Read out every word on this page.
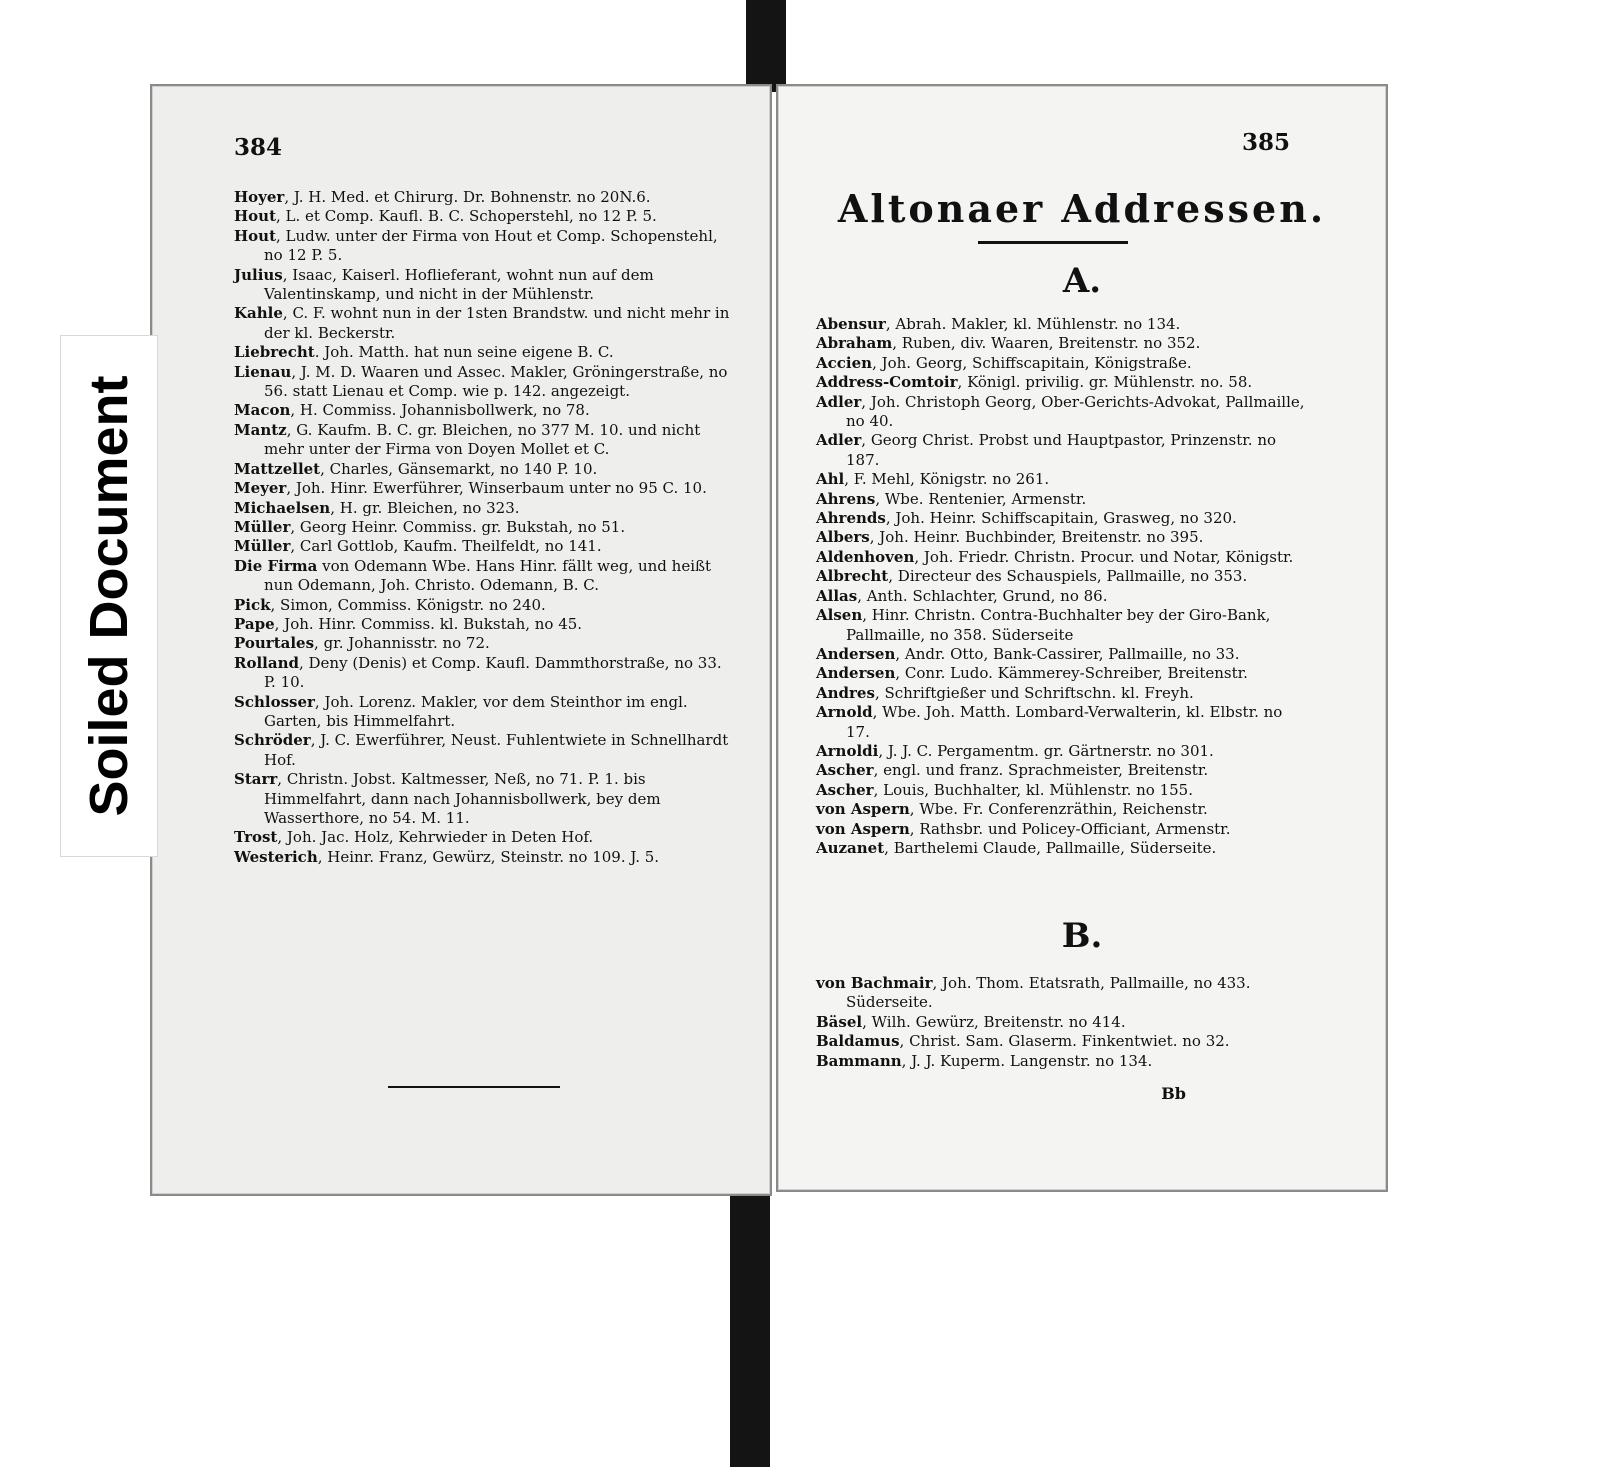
384

Hoyer, J. H. Med. et Chirurg. Dr. Bohnenstr. no 20N.6.

Hout, L. et Comp. Kaufl. B. C. Schoperstehl, no 12 P. 5.

Hout, Ludw. unter der Firma von Hout et Comp. Schopenstehl, no 12 P. 5.

Julius, Isaac, Kaiserl. Hoflieferant, wohnt nun auf dem Valentinskamp, und nicht in der Mühlenstr.

Kahle, C. F. wohnt nun in der 1sten Brandstw. und nicht mehr in der kl. Beckerstr.

Liebrecht. Joh. Matth. hat nun seine eigene B. C.

Lienau, J. M. D. Waaren und Assec. Makler, Gröningerstraße, no 56. statt Lienau et Comp. wie p. 142. angezeigt.

Macon, H. Commiss. Johannisbollwerk, no 78.

Mantz, G. Kaufm. B. C. gr. Bleichen, no 377 M. 10. und nicht mehr unter der Firma von Doyen Mollet et C.

Mattzellet, Charles, Gänsemarkt, no 140 P. 10.

Meyer, Joh. Hinr. Ewerführer, Winserbaum unter no 95 C. 10.

Michaelsen, H. gr. Bleichen, no 323.

Müller, Georg Heinr. Commiss. gr. Bukstah, no 51.

Müller, Carl Gottlob, Kaufm. Theilfeldt, no 141.

Die Firma von Odemann Wbe. Hans Hinr. fällt weg, und heißt nun Odemann, Joh. Christo. Odemann, B. C.

Pick, Simon, Commiss. Königstr. no 240.

Pape, Joh. Hinr. Commiss. kl. Bukstah, no 45.

Pourtales, gr. Johannisstr. no 72.

Rolland, Deny (Denis) et Comp. Kaufl. Dammthorstraße, no 33. P. 10.

Schlosser, Joh. Lorenz. Makler, vor dem Steinthor im engl. Garten, bis Himmelfahrt.

Schröder, J. C. Ewerführer, Neust. Fuhlentwiete in Schnellhardt Hof.

Starr, Christn. Jobst. Kaltmesser, Neß, no 71. P. 1. bis Himmelfahrt, dann nach Johannisbollwerk, bey dem Wasserthore, no 54. M. 11.

Trost, Joh. Jac. Holz, Kehrwieder in Deten Hof.

Westerich, Heinr. Franz, Gewürz, Steinstr. no 109. J. 5.

385
Altonaer Addressen.
A.

Abensur, Abrah. Makler, kl. Mühlenstr. no 134.

Abraham, Ruben, div. Waaren, Breitenstr. no 352.

Accien, Joh. Georg, Schiffscapitain, Königstraße.

Address-Comtoir, Königl. privilig. gr. Mühlenstr. no. 58.

Adler, Joh. Christoph Georg, Ober-Gerichts-Advokat, Pallmaille, no 40.

Adler, Georg Christ. Probst und Hauptpastor, Prinzenstr. no 187.

Ahl, F. Mehl, Königstr. no 261.

Ahrens, Wbe. Rentenier, Armenstr.

Ahrends, Joh. Heinr. Schiffscapitain, Grasweg, no 320.

Albers, Joh. Heinr. Buchbinder, Breitenstr. no 395.

Aldenhoven, Joh. Friedr. Christn. Procur. und Notar, Königstr.

Albrecht, Directeur des Schauspiels, Pallmaille, no 353.

Allas, Anth. Schlachter, Grund, no 86.

Alsen, Hinr. Christn. Contra-Buchhalter bey der Giro-Bank, Pallmaille, no 358. Süderseite

Andersen, Andr. Otto, Bank-Cassirer, Pallmaille, no 33.

Andersen, Conr. Ludo. Kämmerey-Schreiber, Breitenstr.

Andres, Schriftgießer und Schriftschn. kl. Freyh.

Arnold, Wbe. Joh. Matth. Lombard-Verwalterin, kl. Elbstr. no 17.

Arnoldi, J. J. C. Pergamentm. gr. Gärtnerstr. no 301.

Ascher, engl. und franz. Sprachmeister, Breitenstr.

Ascher, Louis, Buchhalter, kl. Mühlenstr. no 155.

von Aspern, Wbe. Fr. Conferenzräthin, Reichenstr.

von Aspern, Rathsbr. und Policey-Officiant, Armenstr.

Auzanet, Barthelemi Claude, Pallmaille, Süderseite.

B.

von Bachmair, Joh. Thom. Etatsrath, Pallmaille, no 433. Süderseite.

Bäsel, Wilh. Gewürz, Breitenstr. no 414.

Baldamus, Christ. Sam. Glaserm. Finkentwiet. no 32.

Bammann, J. J. Kuperm. Langenstr. no 134.

Bb
Soiled Document
